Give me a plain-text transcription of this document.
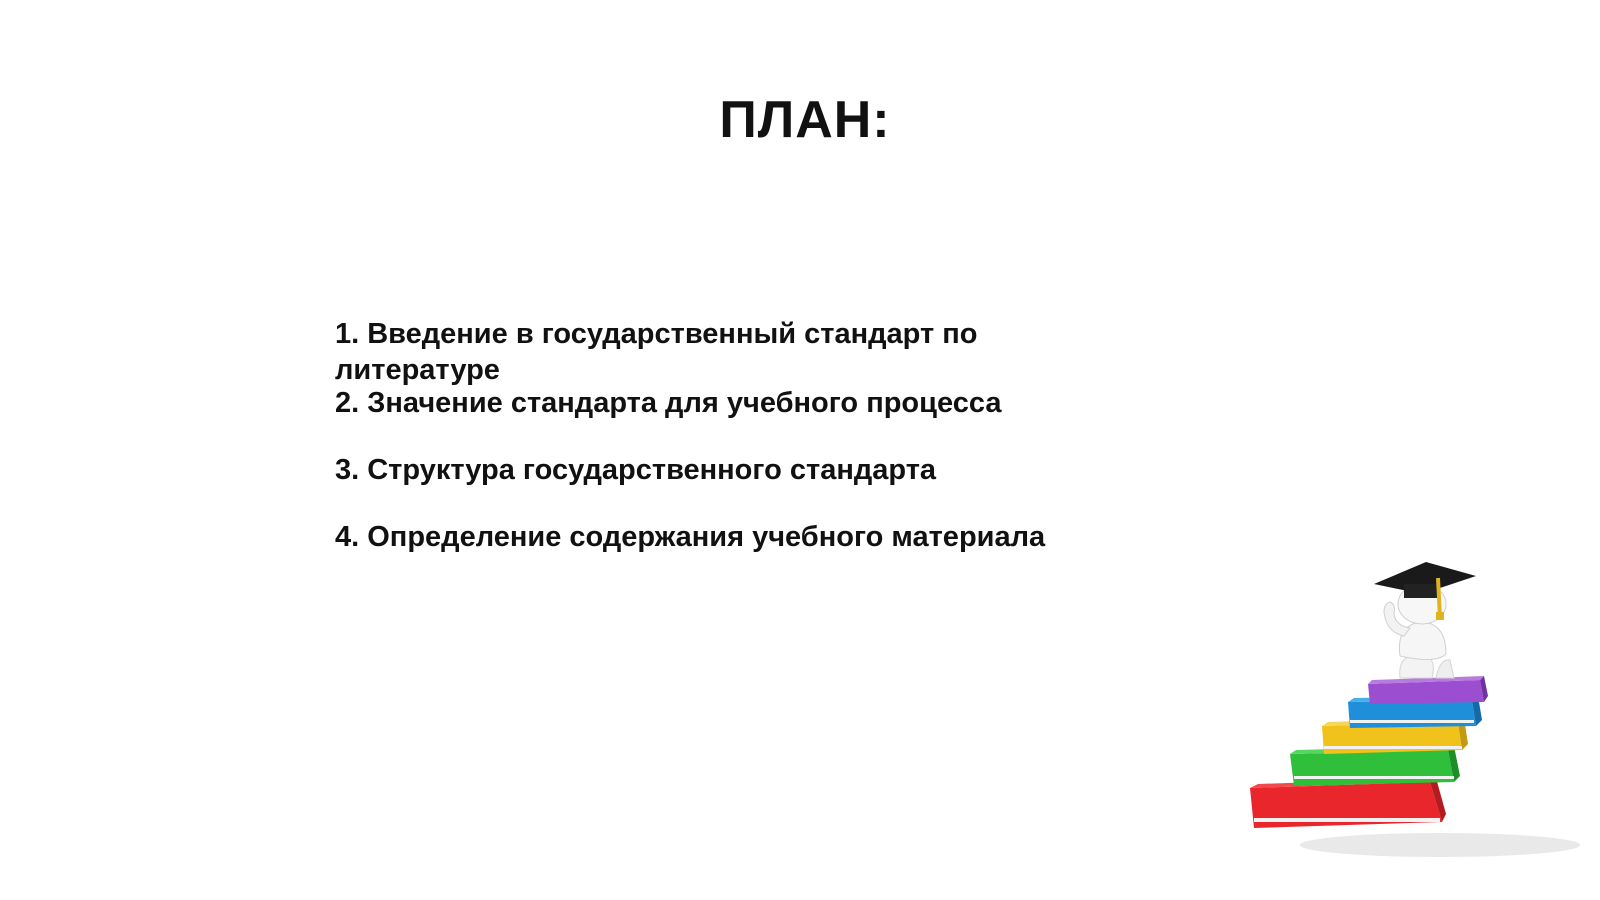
ПЛАН:
1. Введение в государственный стандарт по литературе
2. Значение стандарта для учебного процесса
3. Структура государственного стандарта
4. Определение содержания учебного материала
